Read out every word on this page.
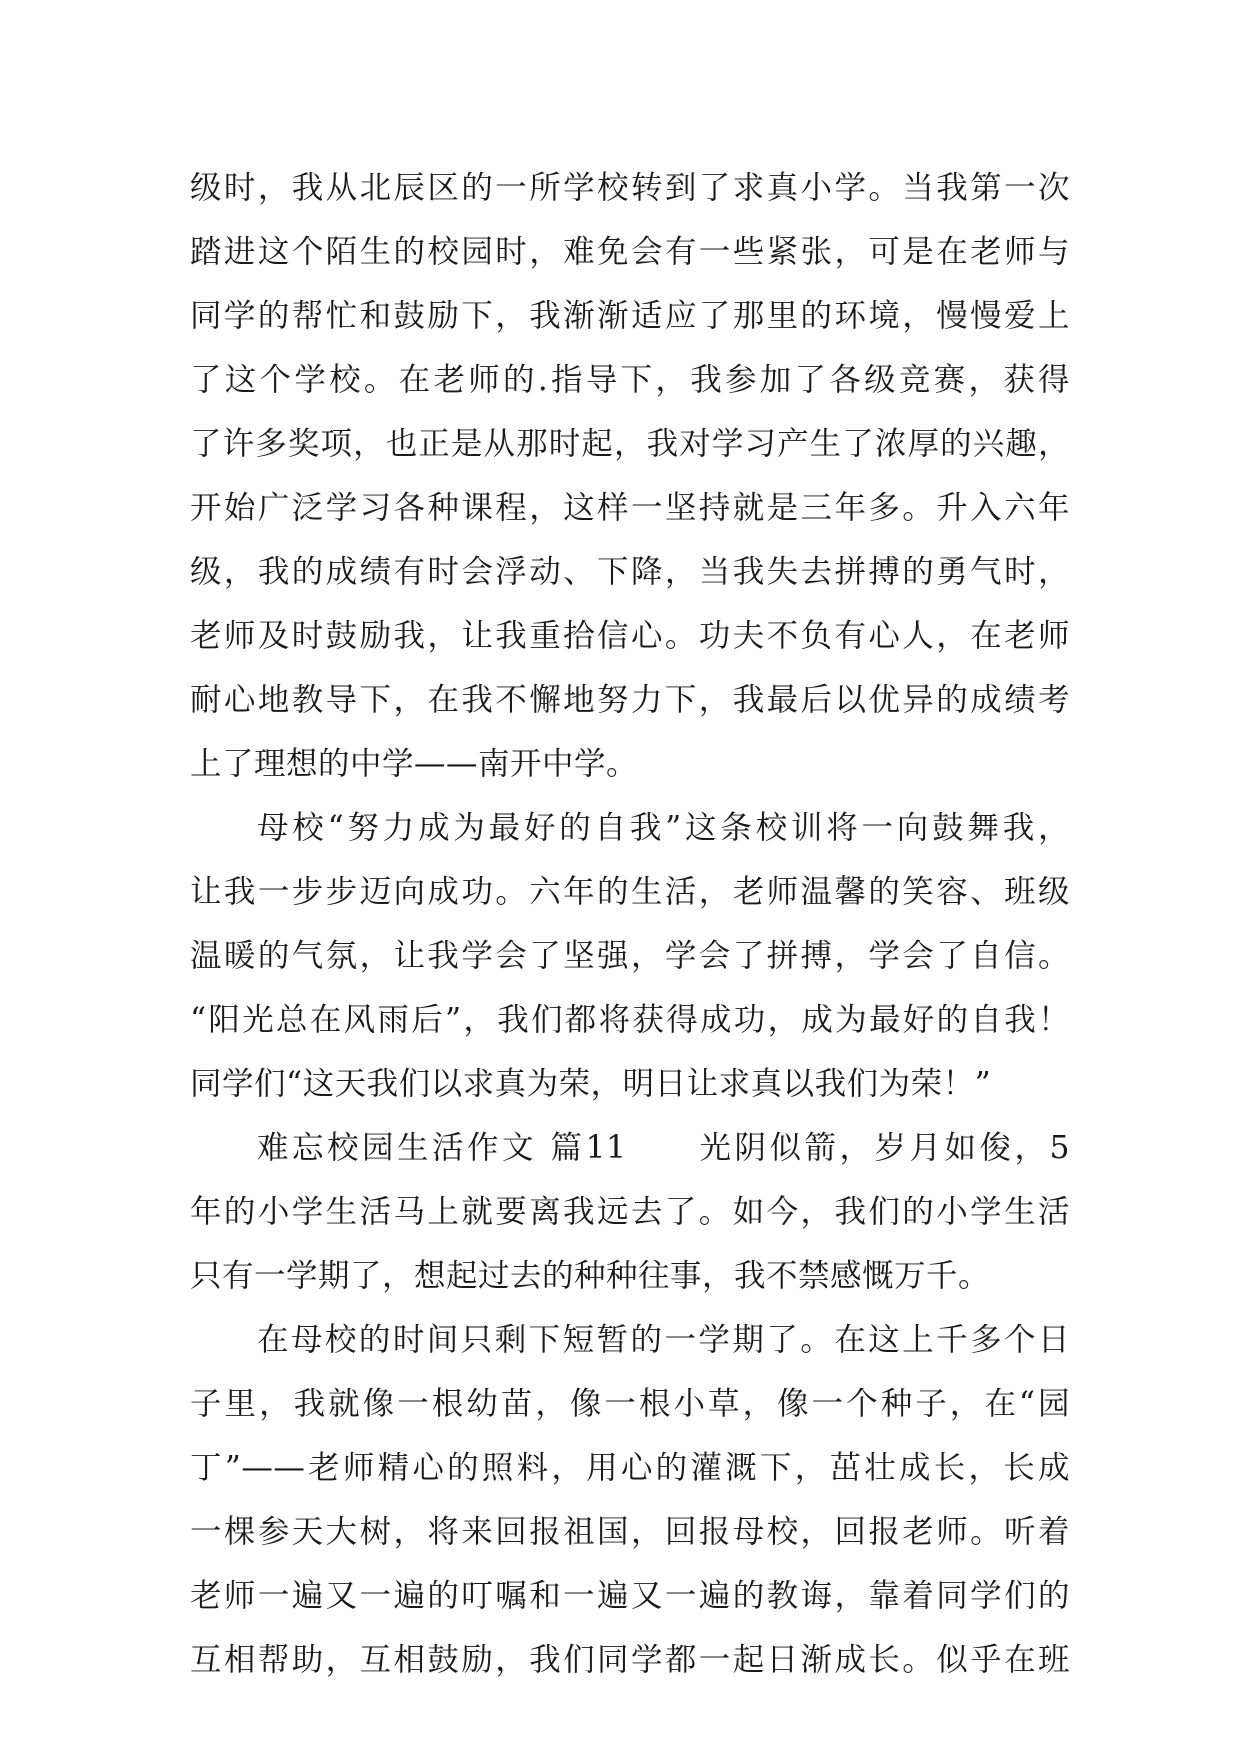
级时，我从北辰区的一所学校转到了求真小学。当我第一次
踏进这个陌生的校园时，难免会有一些紧张，可是在老师与
同学的帮忙和鼓励下，我渐渐适应了那里的环境，慢慢爱上
了这个学校。在老师的.指导下，我参加了各级竞赛，获得
了许多奖项，也正是从那时起，我对学习产生了浓厚的兴趣，
开始广泛学习各种课程，这样一坚持就是三年多。升入六年
级，我的成绩有时会浮动、下降，当我失去拼搏的勇气时，
老师及时鼓励我，让我重拾信心。功夫不负有心人，在老师
耐心地教导下，在我不懈地努力下，我最后以优异的成绩考
上了理想的中学——南开中学。
母校“努力成为最好的自我”这条校训将一向鼓舞我，
让我一步步迈向成功。六年的生活，老师温馨的笑容、班级
温暖的气氛，让我学会了坚强，学会了拼搏，学会了自信。
“阳光总在风雨后”，我们都将获得成功，成为最好的自我！
同学们“这天我们以求真为荣，明日让求真以我们为荣！”
难忘校园生活作文 篇11　　光阴似箭，岁月如俊，5
年的小学生活马上就要离我远去了。如今，我们的小学生活
只有一学期了，想起过去的种种往事，我不禁感慨万千。
在母校的时间只剩下短暂的一学期了。在这上千多个日
子里，我就像一根幼苗，像一根小草，像一个种子，在“园
丁”——老师精心的照料，用心的灌溉下，茁壮成长，长成
一棵参天大树，将来回报祖国，回报母校，回报老师。听着
老师一遍又一遍的叮嘱和一遍又一遍的教诲，靠着同学们的
互相帮助，互相鼓励，我们同学都一起日渐成长。似乎在班
